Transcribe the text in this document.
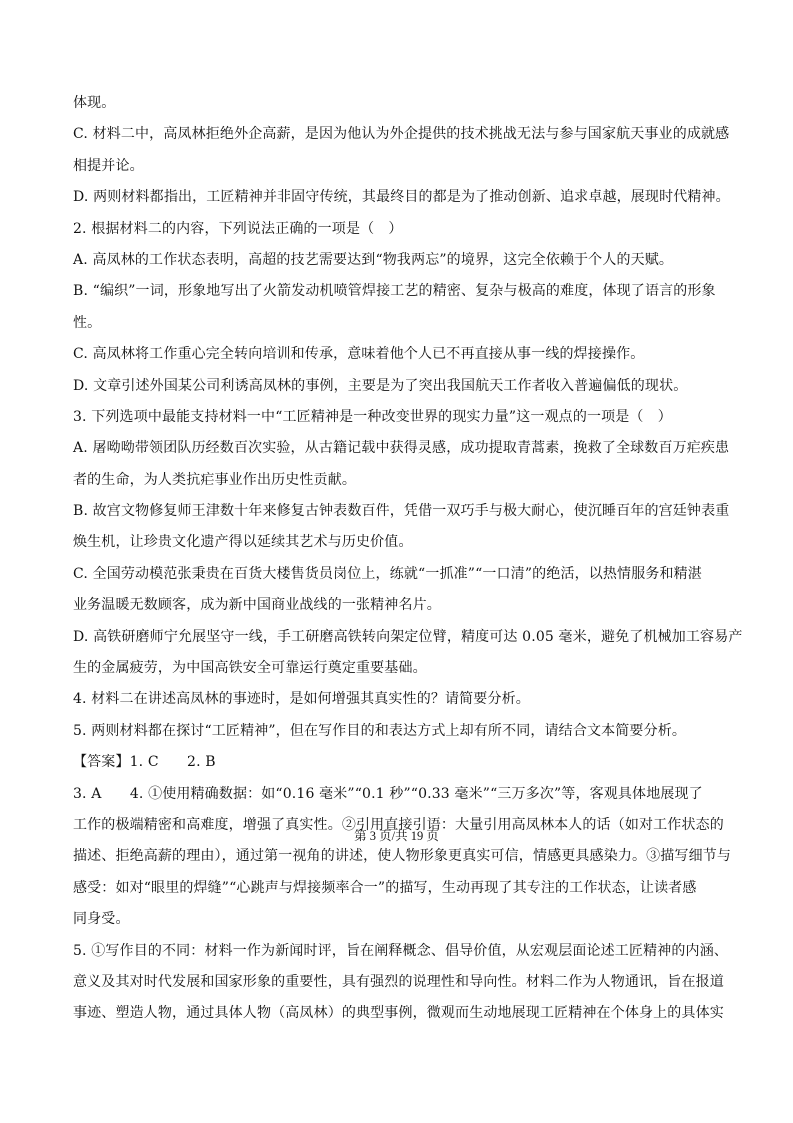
体现。
C. 材料二中，高凤林拒绝外企高薪，是因为他认为外企提供的技术挑战无法与参与国家航天事业的成就感
相提并论。
D. 两则材料都指出，工匠精神并非固守传统，其最终目的都是为了推动创新、追求卓越，展现时代精神。
2. 根据材料二的内容，下列说法正确的一项是（　）
A. 高凤林的工作状态表明，高超的技艺需要达到“物我两忘”的境界，这完全依赖于个人的天赋。
B. “编织”一词，形象地写出了火箭发动机喷管焊接工艺的精密、复杂与极高的难度，体现了语言的形象
性。
C. 高凤林将工作重心完全转向培训和传承，意味着他个人已不再直接从事一线的焊接操作。
D. 文章引述外国某公司利诱高凤林的事例，主要是为了突出我国航天工作者收入普遍偏低的现状。
3. 下列选项中最能支持材料一中“工匠精神是一种改变世界的现实力量”这一观点的一项是（　）
A. 屠呦呦带领团队历经数百次实验，从古籍记载中获得灵感，成功提取青蒿素，挽救了全球数百万疟疾患
者的生命，为人类抗疟事业作出历史性贡献。
B. 故宫文物修复师王津数十年来修复古钟表数百件，凭借一双巧手与极大耐心，使沉睡百年的宫廷钟表重
焕生机，让珍贵文化遗产得以延续其艺术与历史价值。
C. 全国劳动模范张秉贵在百货大楼售货员岗位上，练就“一抓准”“一口清”的绝活，以热情服务和精湛
业务温暖无数顾客，成为新中国商业战线的一张精神名片。
D. 高铁研磨师宁允展坚守一线，手工研磨高铁转向架定位臂，精度可达 0.05 毫米，避免了机械加工容易产
生的金属疲劳，为中国高铁安全可靠运行奠定重要基础。
4. 材料二在讲述高凤林的事迹时，是如何增强其真实性的？请简要分析。
5. 两则材料都在探讨“工匠精神”，但在写作目的和表达方式上却有所不同，请结合文本简要分析。
【答案】1. C　　2. B
3. A　　4. ①使用精确数据：如“0.16 毫米”“0.1 秒”“0.33 毫米”“三万多次”等，客观具体地展现了
工作的极端精密和高难度，增强了真实性。②引用直接引语：大量引用高凤林本人的话（如对工作状态的
描述、拒绝高薪的理由），通过第一视角的讲述，使人物形象更真实可信，情感更具感染力。③描写细节与
感受：如对“眼里的焊缝”“心跳声与焊接频率合一”的描写，生动再现了其专注的工作状态，让读者感
同身受。
5. ①写作目的不同：材料一作为新闻时评，旨在阐释概念、倡导价值，从宏观层面论述工匠精神的内涵、
意义及其对时代发展和国家形象的重要性，具有强烈的说理性和导向性。材料二作为人物通讯，旨在报道
事迹、塑造人物，通过具体人物（高凤林）的典型事例，微观而生动地展现工匠精神在个体身上的具体实
第 3 页/共 19 页
